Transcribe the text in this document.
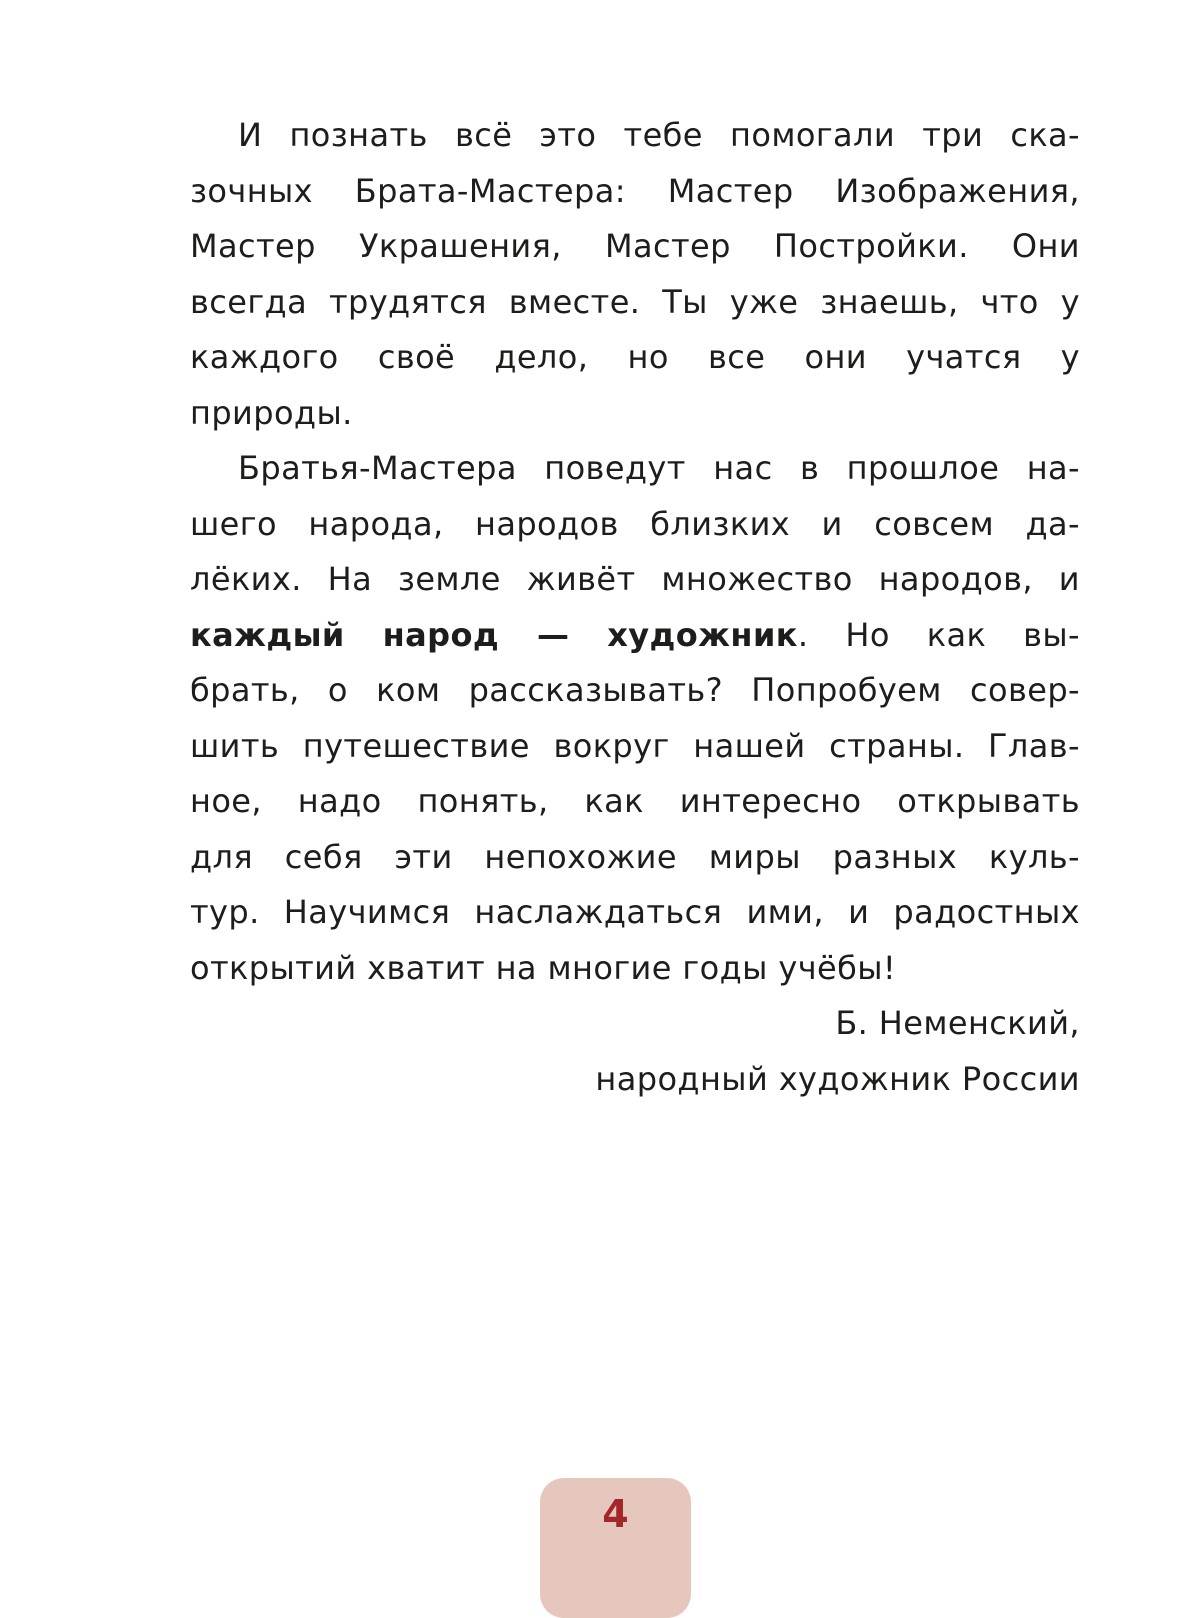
И познать всё это тебе помогали три ска-
зочных Брата-Мастера: Мастер Изображения,
Мастер Украшения, Мастер Постройки. Они
всегда трудятся вместе. Ты уже знаешь, что у
каждого своё дело, но все они учатся у
природы.
Братья-Мастера поведут нас в прошлое на-
шего народа, народов близких и совсем да-
лёких. На земле живёт множество народов, и
каждый народ — художник. Но как вы-
брать, о ком рассказывать? Попробуем совер-
шить путешествие вокруг нашей страны. Глав-
ное, надо понять, как интересно открывать
для себя эти непохожие миры разных куль-
тур. Научимся наслаждаться ими, и радостных
открытий хватит на многие годы учёбы!
Б. Неменский,
народный художник России
4
